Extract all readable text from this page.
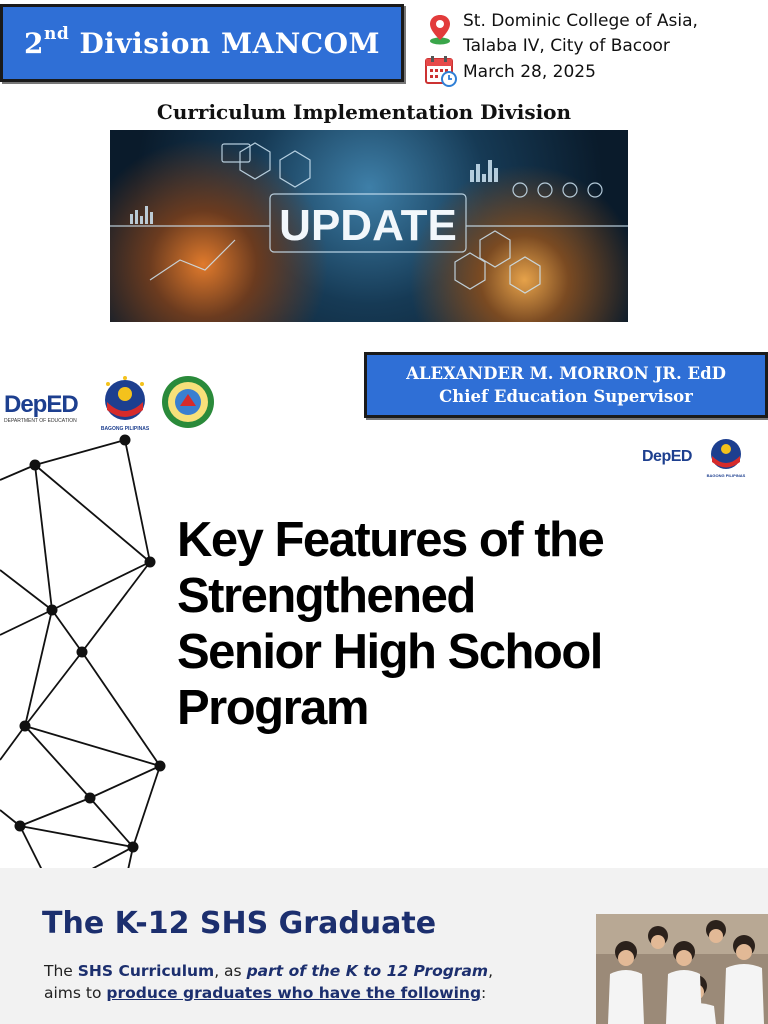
2nd Division MANCOM
St. Dominic College of Asia,
Talaba IV, City of Bacoor
March 28, 2025
Curriculum Implementation Division
UPDATE
ALEXANDER M. MORRON JR. EdD
Chief Education Supervisor
DepED
DEPARTMENT OF EDUCATION
BAGONG PILIPINAS
DepED
BAGONG PILIPINAS
Key Features of the
Strengthened
Senior High School
Program
The K-12 SHS Graduate
The SHS Curriculum, as part of the K to 12 Program,
aims to produce graduates who have the following:
